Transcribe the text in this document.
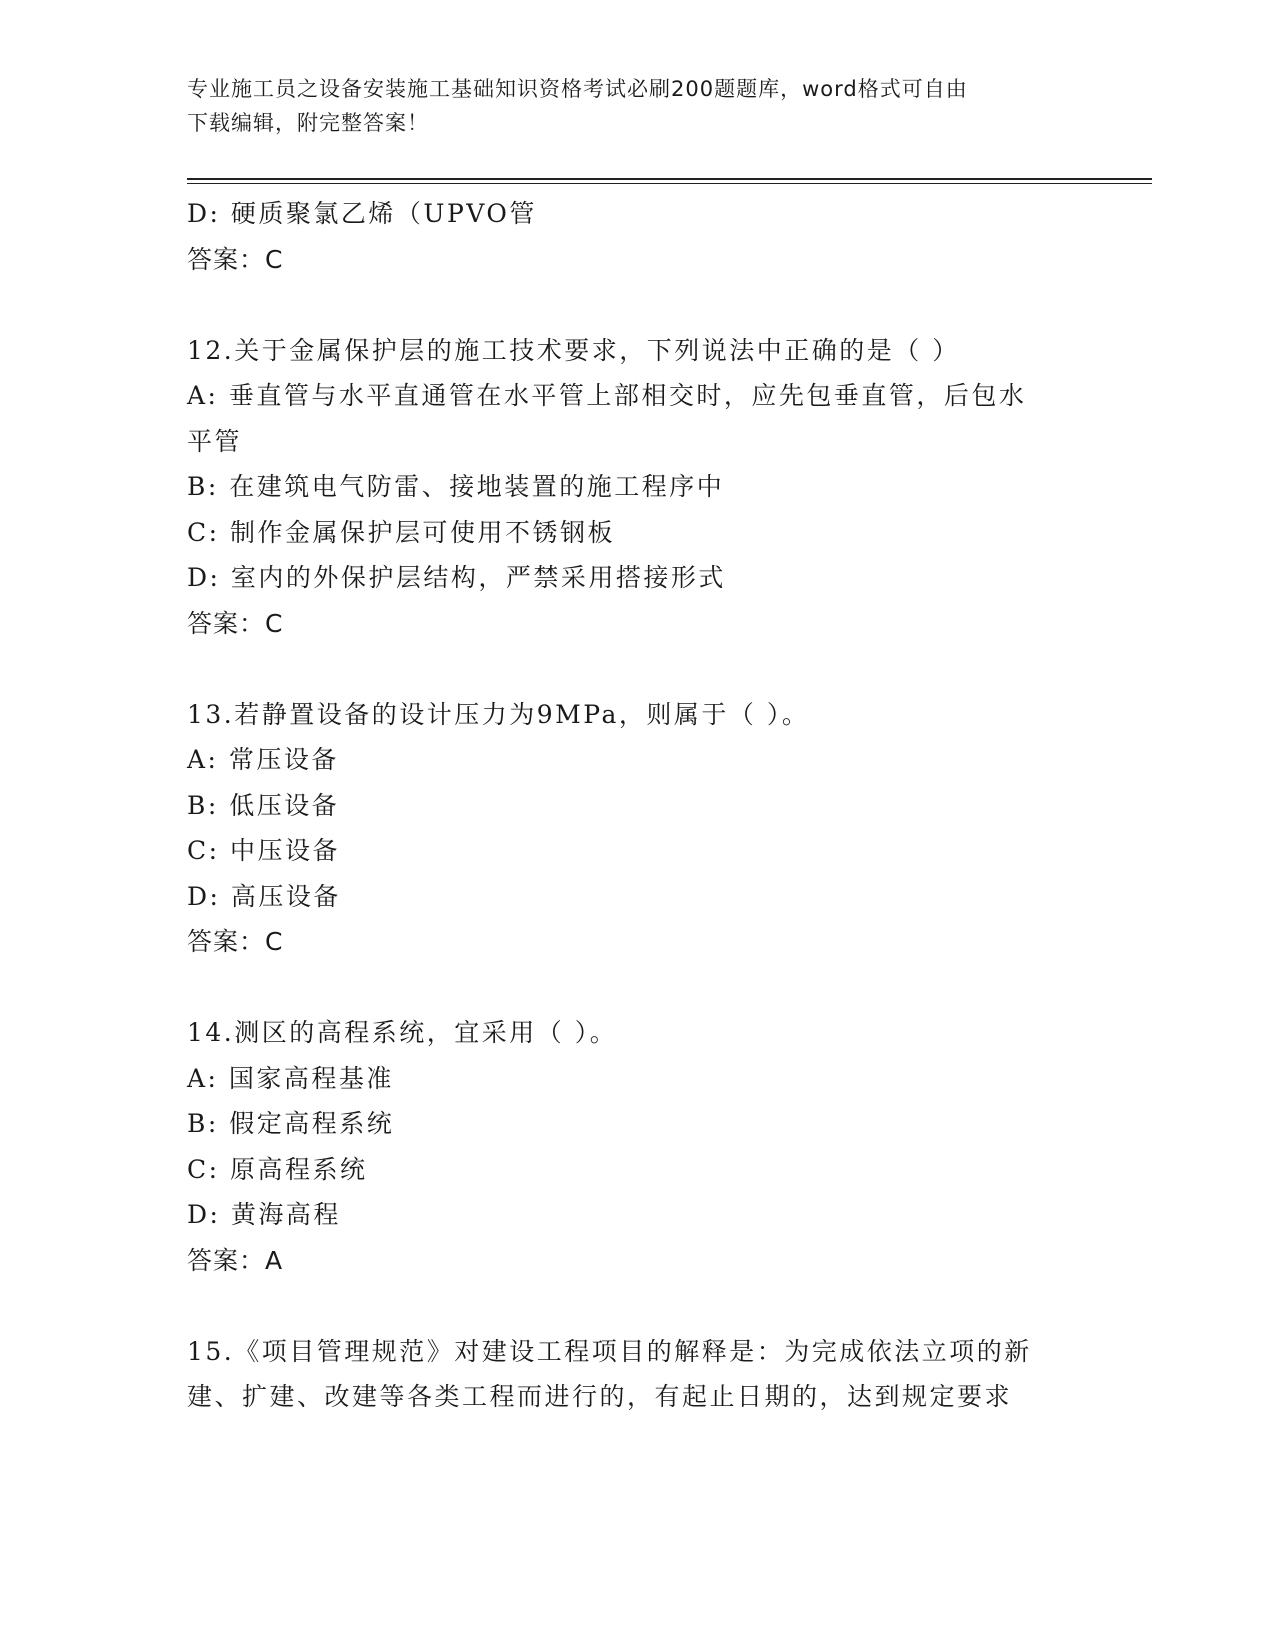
专业施工员之设备安装施工基础知识资格考试必刷200题题库，word格式可自由
下载编辑，附完整答案！
D: 硬质聚氯乙烯（UPVO管
答案：C
12.关于金属保护层的施工技术要求，下列说法中正确的是（ ）
A: 垂直管与水平直通管在水平管上部相交时，应先包垂直管，后包水
平管
B: 在建筑电气防雷、接地装置的施工程序中
C: 制作金属保护层可使用不锈钢板
D: 室内的外保护层结构，严禁采用搭接形式
答案：C
13.若静置设备的设计压力为9MPa，则属于（ ）。
A: 常压设备
B: 低压设备
C: 中压设备
D: 高压设备
答案：C
14.测区的高程系统，宜采用（ ）。
A: 国家高程基准
B: 假定高程系统
C: 原高程系统
D: 黄海高程
答案：A
15.《项目管理规范》对建设工程项目的解释是：为完成依法立项的新
建、扩建、改建等各类工程而进行的，有起止日期的，达到规定要求
